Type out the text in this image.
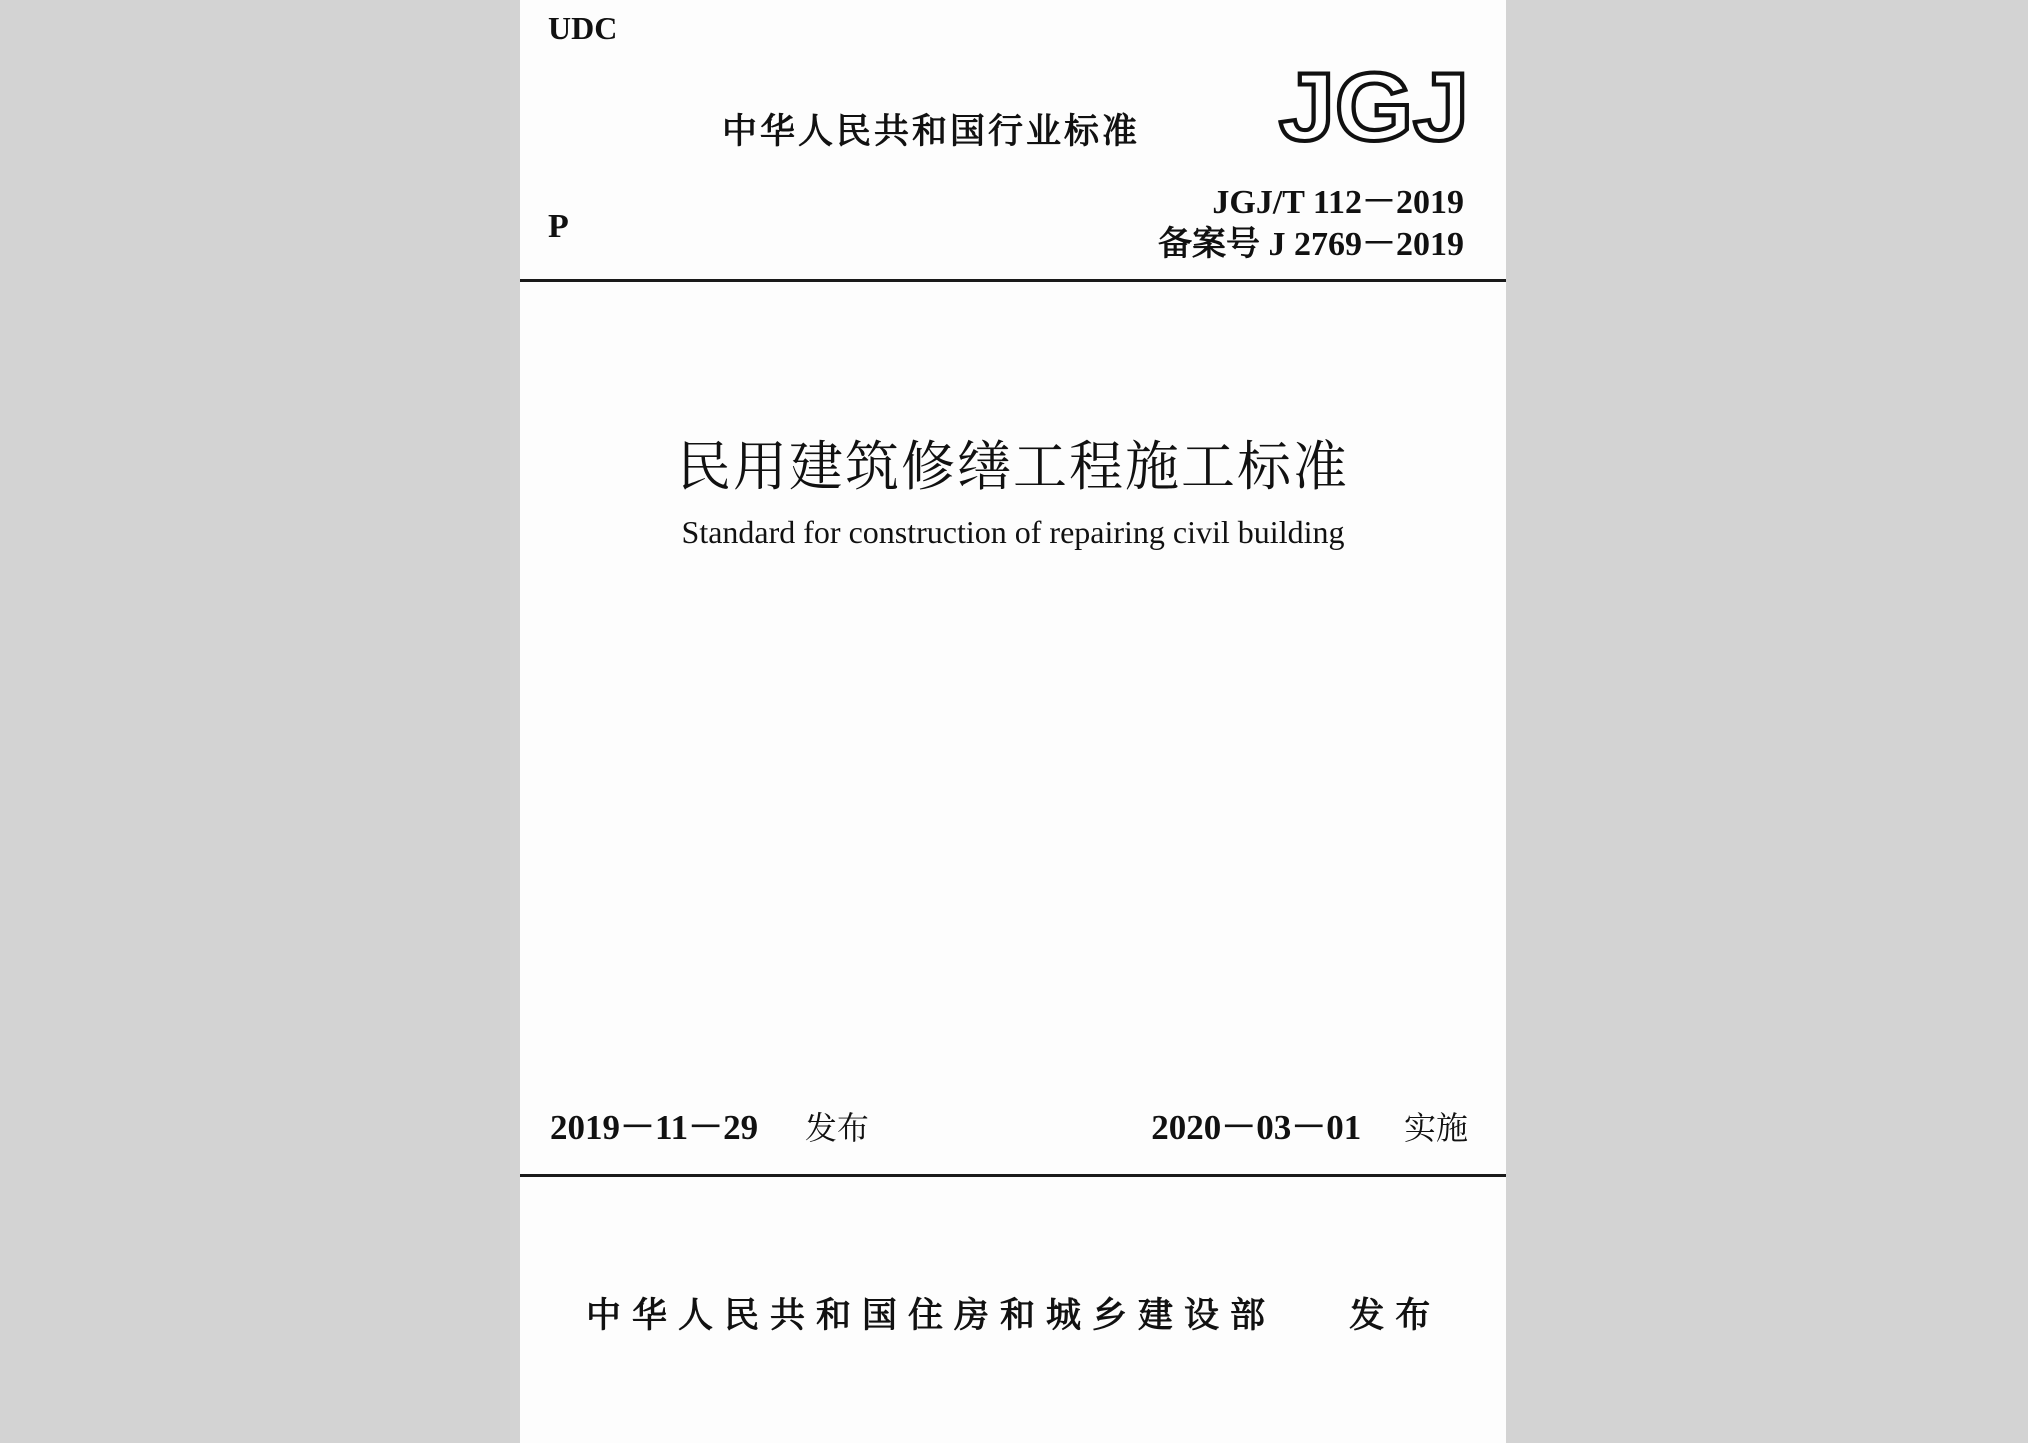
UDC
中华人民共和国行业标准 JGJ
JGJ/T 112－2019
备案号 J 2769－2019
P
民用建筑修缮工程施工标准
Standard for construction of repairing civil building
2019－11－29 发布	2020－03－01 实施
中华人民共和国住房和城乡建设部 发布
